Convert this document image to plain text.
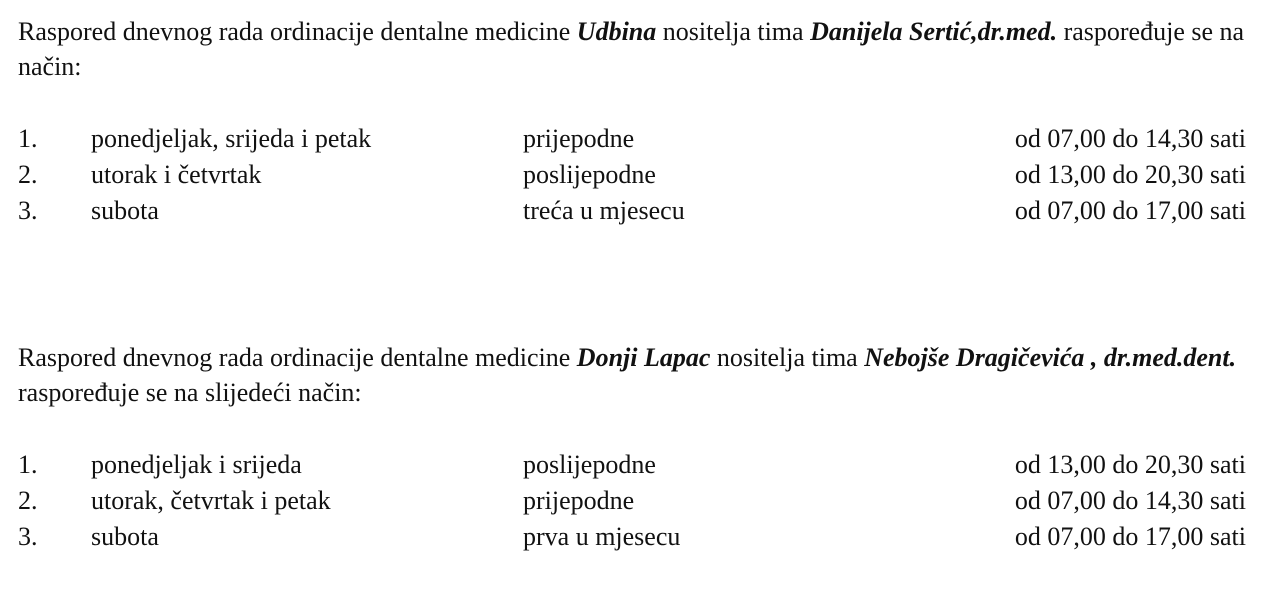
Raspored dnevnog rada ordinacije dentalne medicine Udbina nositelja tima Danijela Sertić,dr.med. raspoređuje se na način:

1. ponedjeljak, srijeda i petak	prijepodne	od 07,00 do 14,30 sati
2. utorak i četvrtak	poslijepodne	od 13,00 do 20,30 sati
3. subota	treća u mjesecu	od 07,00 do 17,00 sati

Raspored dnevnog rada ordinacije dentalne medicine Donji Lapac nositelja tima Nebojše Dragičevića , dr.med.dent. raspoređuje se na slijedeći način:

1. ponedjeljak i srijeda	poslijepodne	od 13,00 do 20,30 sati
2. utorak, četvrtak i petak	prijepodne	od 07,00 do 14,30 sati
3. subota	prva u mjesecu	od 07,00 do 17,00 sati
